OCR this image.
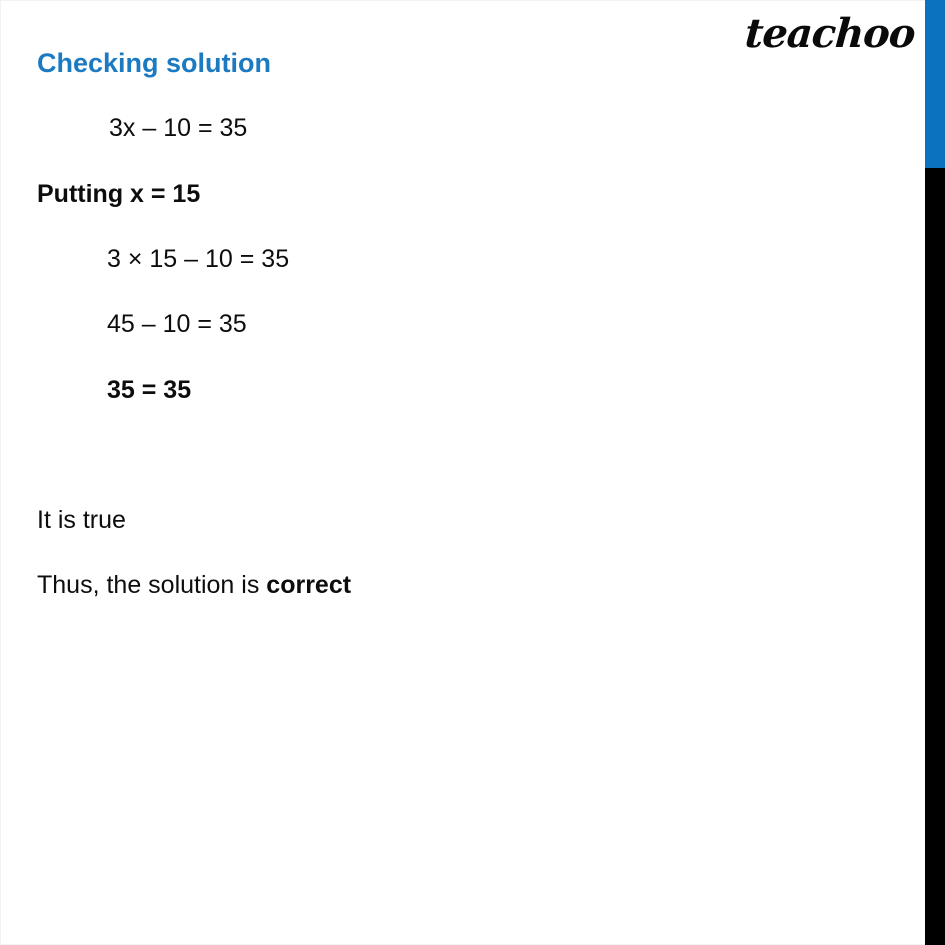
teachoo
Checking solution
3x – 10 = 35
Putting x = 15
3 × 15 – 10 = 35
45 – 10 = 35
35 = 35
It is true
Thus, the solution is correct
